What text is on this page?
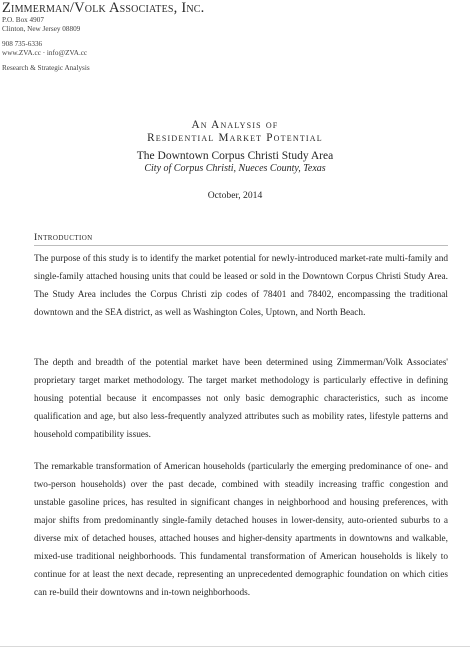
Zimmerman/Volk Associates, Inc.
P.O. Box 4907
Clinton, New Jersey 08809
908 735-6336
www.ZVA.cc · info@ZVA.cc
Research & Strategic Analysis
An Analysis of
Residential Market Potential
The Downtown Corpus Christi Study Area
City of Corpus Christi, Nueces County, Texas
October, 2014
Introduction

The purpose of this study is to identify the market potential for newly-introduced market-rate multi-family and single-family attached housing units that could be leased or sold in the Downtown Corpus Christi Study Area. The Study Area includes the Corpus Christi zip codes of 78401 and 78402, encompassing the traditional downtown and the SEA district, as well as Washington Coles, Uptown, and North Beach.

The depth and breadth of the potential market have been determined using Zimmerman/Volk Associates' proprietary target market methodology. The target market methodology is particularly effective in defining housing potential because it encompasses not only basic demographic characteristics, such as income qualification and age, but also less-frequently analyzed attributes such as mobility rates, lifestyle patterns and household compatibility issues.

The remarkable transformation of American households (particularly the emerging predominance of one- and two-person households) over the past decade, combined with steadily increasing traffic congestion and unstable gasoline prices, has resulted in significant changes in neighborhood and housing preferences, with major shifts from predominantly single-family detached houses in lower-density, auto-oriented suburbs to a diverse mix of detached houses, attached houses and higher-density apartments in downtowns and walkable, mixed-use traditional neighborhoods. This fundamental transformation of American households is likely to continue for at least the next decade, representing an unprecedented demographic foundation on which cities can re-build their downtowns and in-town neighborhoods.
